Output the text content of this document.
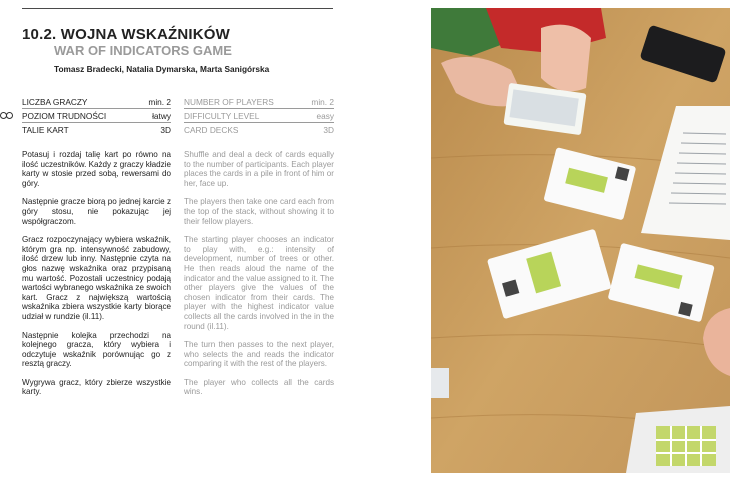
10.2. WOJNA WSKAŹNIKÓW
WAR OF INDICATORS GAME
Tomasz Bradecki, Natalia Dymarska, Marta Sanigórska
LICZBA GRACZY	min. 2
POZIOM TRUDNOŚCI	łatwy
TALIE KART	3D
NUMBER OF PLAYERS	min. 2
DIFFICULTY LEVEL	easy
CARD DECKS	3D

Potasuj i rozdaj talię kart po równo na ilość uczestników. Każdy z graczy kładzie karty w stosie przed sobą, rewersami do góry.

Następnie gracze biorą po jednej karcie z góry stosu, nie pokazując jej współgraczom.

Gracz rozpoczynający wybiera wskaźnik, którym gra np. intensywność zabudowy, ilość drzew lub inny. Następnie czyta na głos nazwę wskaźnika oraz przypisaną mu wartość. Pozostali uczestnicy podają wartości wybranego wskaźnika ze swoich kart. Gracz z największą wartością wskaźnika zbiera wszystkie karty biorące udział w rundzie (il.11).

Następnie kolejka przechodzi na kolejnego gracza, który wybiera i odczytuje wskaźnik porównując go z resztą graczy.

Wygrywa gracz, który zbierze wszystkie karty.

Shuffle and deal a deck of cards equally to the number of participants. Each player places the cards in a pile in front of him or her, face up.

The players then take one card each from the top of the stack, without showing it to their fellow players.

The starting player chooses an indicator to play with, e.g.: intensity of development, number of trees or other. He then reads aloud the name of the indicator and the value assigned to it. The other players give the values of the chosen indicator from their cards. The player with the highest indicator value collects all the cards involved in the in the round (il.11).

The turn then passes to the next player, who selects the and reads the indicator comparing it with the rest of the players.

The player who collects all the cards wins.
